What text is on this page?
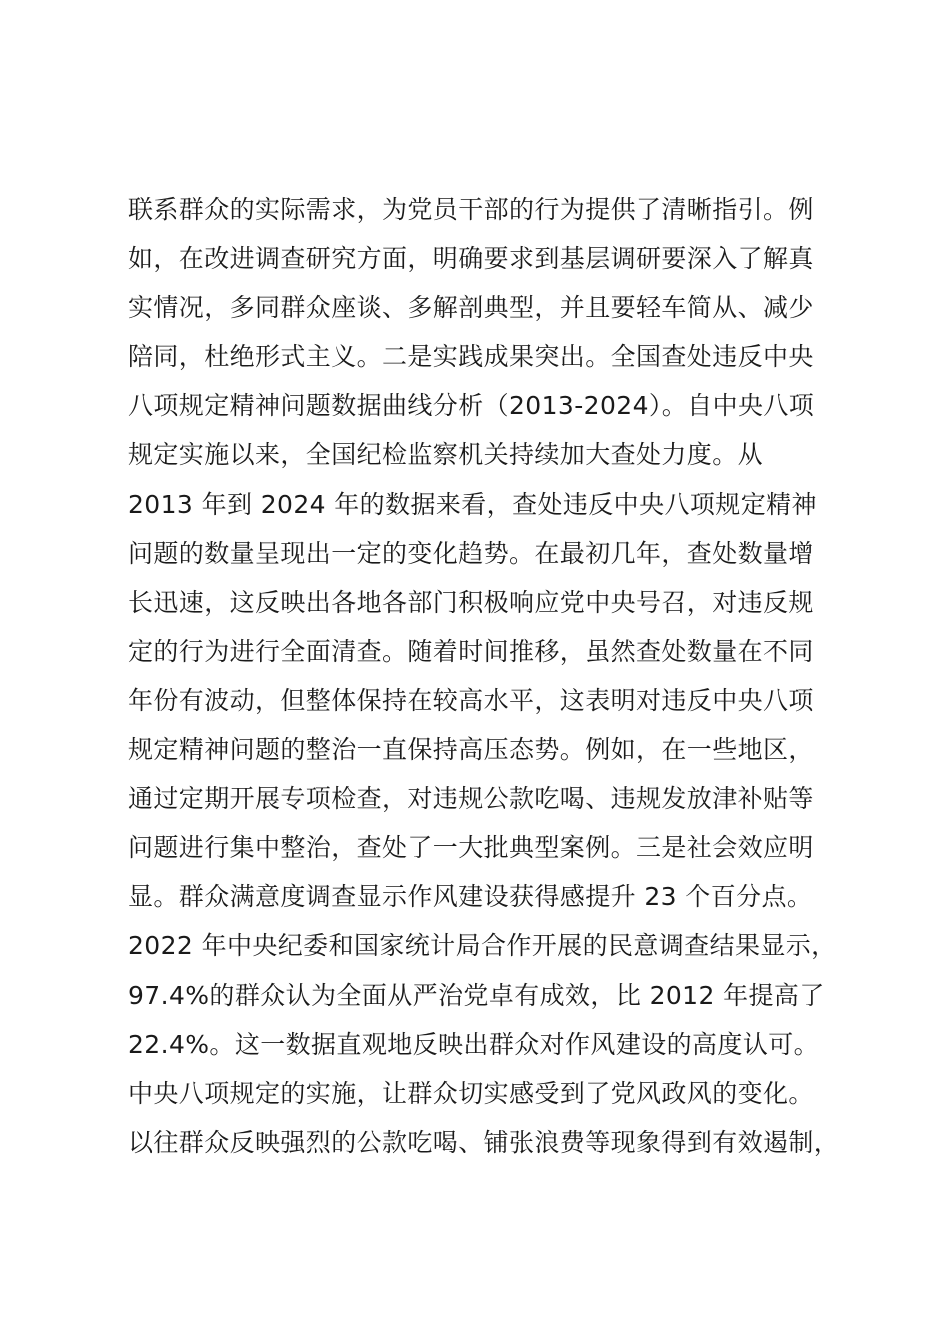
联系群众的实际需求，为党员干部的行为提供了清晰指引。例
如，在改进调查研究方面，明确要求到基层调研要深入了解真
实情况，多同群众座谈、多解剖典型，并且要轻车简从、减少
陪同，杜绝形式主义。二是实践成果突出。全国查处违反中央
八项规定精神问题数据曲线分析（2013-2024）。自中央八项
规定实施以来，全国纪检监察机关持续加大查处力度。从
2013 年到 2024 年的数据来看，查处违反中央八项规定精神
问题的数量呈现出一定的变化趋势。在最初几年，查处数量增
长迅速，这反映出各地各部门积极响应党中央号召，对违反规
定的行为进行全面清查。随着时间推移，虽然查处数量在不同
年份有波动，但整体保持在较高水平，这表明对违反中央八项
规定精神问题的整治一直保持高压态势。例如，在一些地区，
通过定期开展专项检查，对违规公款吃喝、违规发放津补贴等
问题进行集中整治，查处了一大批典型案例。三是社会效应明
显。群众满意度调查显示作风建设获得感提升 23 个百分点。
2022 年中央纪委和国家统计局合作开展的民意调查结果显示，
97.4%的群众认为全面从严治党卓有成效，比 2012 年提高了
22.4%。这一数据直观地反映出群众对作风建设的高度认可。
中央八项规定的实施，让群众切实感受到了党风政风的变化。
以往群众反映强烈的公款吃喝、铺张浪费等现象得到有效遏制，
